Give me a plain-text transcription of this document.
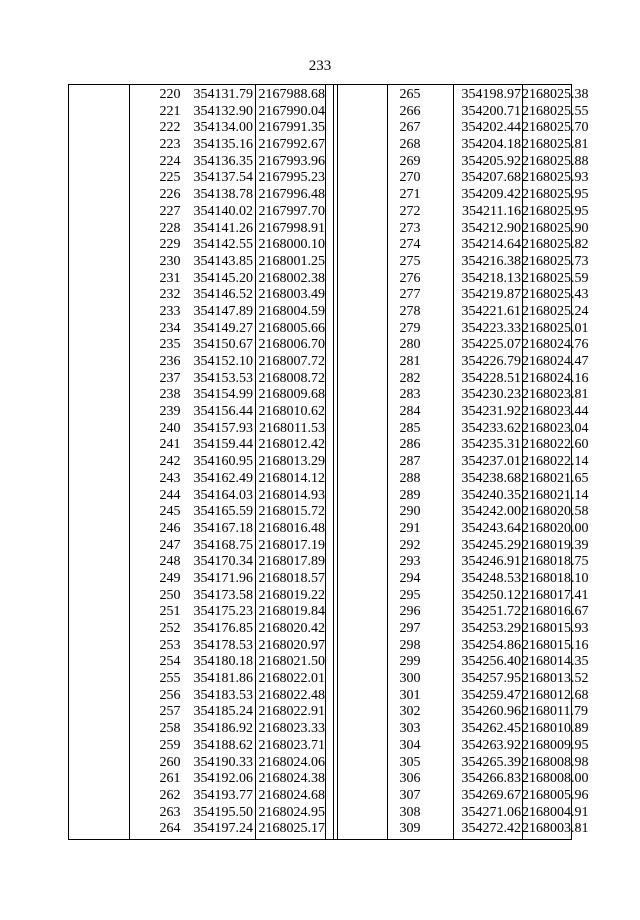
233
220
221
222
223
224
225
226
227
228
229
230
231
232
233
234
235
236
237
238
239
240
241
242
243
244
245
246
247
248
249
250
251
252
253
254
255
256
257
258
259
260
261
262
263
264
354131.79
354132.90
354134.00
354135.16
354136.35
354137.54
354138.78
354140.02
354141.26
354142.55
354143.85
354145.20
354146.52
354147.89
354149.27
354150.67
354152.10
354153.53
354154.99
354156.44
354157.93
354159.44
354160.95
354162.49
354164.03
354165.59
354167.18
354168.75
354170.34
354171.96
354173.58
354175.23
354176.85
354178.53
354180.18
354181.86
354183.53
354185.24
354186.92
354188.62
354190.33
354192.06
354193.77
354195.50
354197.24
2167988.68
2167990.04
2167991.35
2167992.67
2167993.96
2167995.23
2167996.48
2167997.70
2167998.91
2168000.10
2168001.25
2168002.38
2168003.49
2168004.59
2168005.66
2168006.70
2168007.72
2168008.72
2168009.68
2168010.62
2168011.53
2168012.42
2168013.29
2168014.12
2168014.93
2168015.72
2168016.48
2168017.19
2168017.89
2168018.57
2168019.22
2168019.84
2168020.42
2168020.97
2168021.50
2168022.01
2168022.48
2168022.91
2168023.33
2168023.71
2168024.06
2168024.38
2168024.68
2168024.95
2168025.17
265
266
267
268
269
270
271
272
273
274
275
276
277
278
279
280
281
282
283
284
285
286
287
288
289
290
291
292
293
294
295
296
297
298
299
300
301
302
303
304
305
306
307
308
309
354198.97
354200.71
354202.44
354204.18
354205.92
354207.68
354209.42
354211.16
354212.90
354214.64
354216.38
354218.13
354219.87
354221.61
354223.33
354225.07
354226.79
354228.51
354230.23
354231.92
354233.62
354235.31
354237.01
354238.68
354240.35
354242.00
354243.64
354245.29
354246.91
354248.53
354250.12
354251.72
354253.29
354254.86
354256.40
354257.95
354259.47
354260.96
354262.45
354263.92
354265.39
354266.83
354269.67
354271.06
354272.42
2168025.38
2168025.55
2168025.70
2168025.81
2168025.88
2168025.93
2168025.95
2168025.95
2168025.90
2168025.82
2168025.73
2168025.59
2168025.43
2168025.24
2168025.01
2168024.76
2168024.47
2168024.16
2168023.81
2168023.44
2168023.04
2168022.60
2168022.14
2168021.65
2168021.14
2168020.58
2168020.00
2168019.39
2168018.75
2168018.10
2168017.41
2168016.67
2168015.93
2168015.16
2168014.35
2168013.52
2168012.68
2168011.79
2168010.89
2168009.95
2168008.98
2168008.00
2168005.96
2168004.91
2168003.81
